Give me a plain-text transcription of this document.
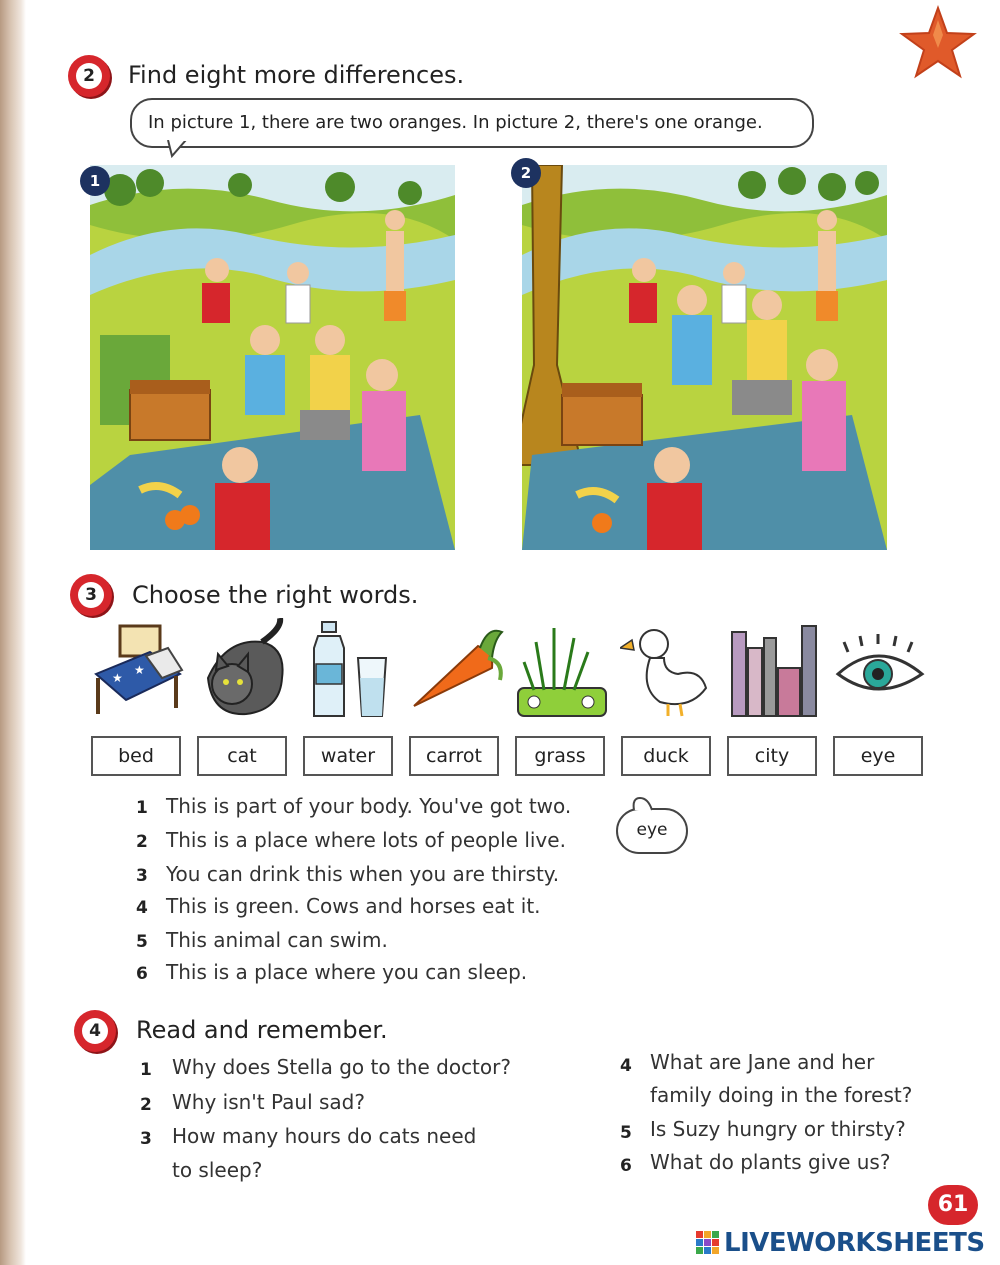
2 Find eight more differences.
In picture 1, there are two oranges. In picture 2, there's one orange.
1	2
3 Choose the right words.
★
★
bed	cat	water	carrot	grass	duck	city	eye
1 This is part of your body. You've got two.
2 This is a place where lots of people live.
3 You can drink this when you are thirsty.
4 This is green. Cows and horses eat it.
5 This animal can swim.
6 This is a place where you can sleep.
eye
4 Read and remember.
1 Why does Stella go to the doctor?
2 Why isn't Paul sad?
3 How many hours do cats need
to sleep?
4 What are Jane and her
family doing in the forest?
5 Is Suzy hungry or thirsty?
6 What do plants give us?
61
LIVEWORKSHEETS
